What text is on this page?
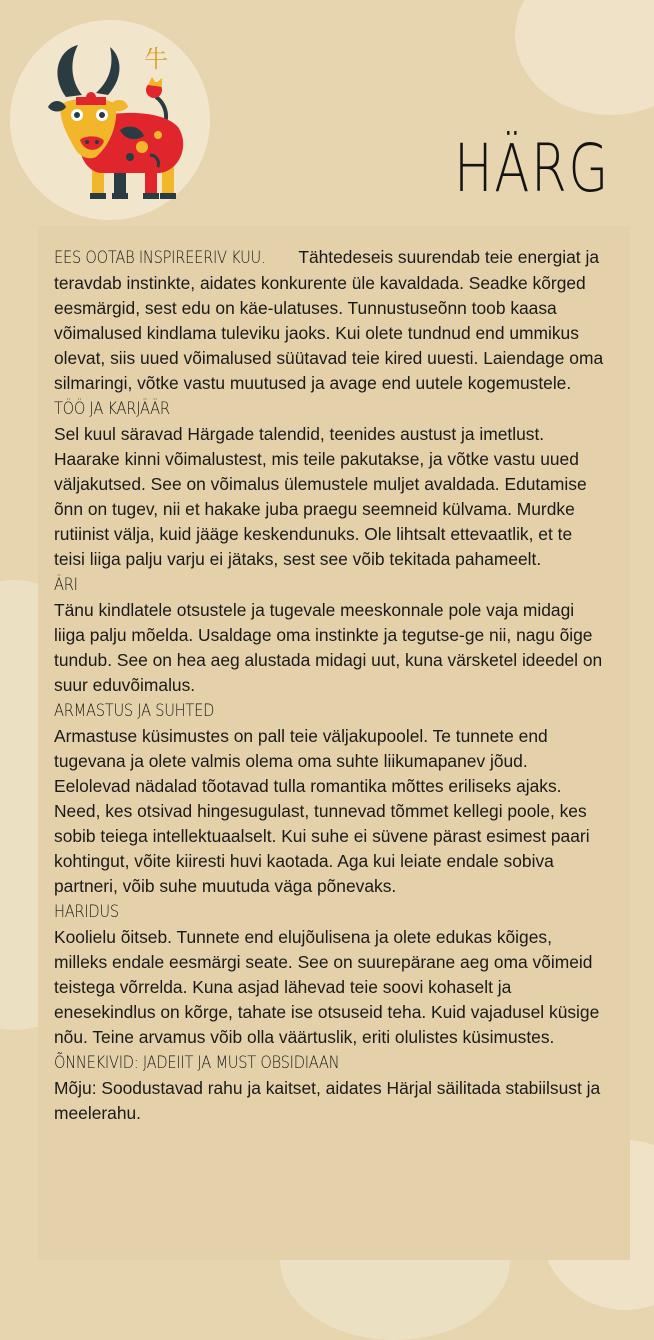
牛
HÄRG

EES OOTAB INSPIREERIV KUU. Tähtedeseis suurendab teie energiat ja teravdab instinkte, aidates konkurente üle kavaldada. Seadke kõrged eesmärgid, sest edu on käe-ulatuses. Tunnustuseõnn toob kaasa võimalused kindlama tuleviku jaoks. Kui olete tundnud end ummikus olevat, siis uued võimalused süütavad teie kired uuesti. Laiendage oma silmaringi, võtke vastu muutused ja avage end uutele kogemustele.

TÖÖ JA KARJÄÄR

Sel kuul säravad Härgade talendid, teenides austust ja imetlust. Haarake kinni võimalustest, mis teile pakutakse, ja võtke vastu uued väljakutsed. See on võimalus ülemustele muljet avaldada. Edutamise õnn on tugev, nii et hakake juba praegu seemneid külvama. Murdke rutiinist välja, kuid jääge keskendunuks. Ole lihtsalt ettevaatlik, et te teisi liiga palju varju ei jätaks, sest see võib tekitada pahameelt.

ÄRI

Tänu kindlatele otsustele ja tugevale meeskonnale pole vaja midagi liiga palju mõelda. Usaldage oma instinkte ja tegutse-ge nii, nagu õige tundub. See on hea aeg alustada midagi uut, kuna värsketel ideedel on suur eduvõimalus.

ARMASTUS JA SUHTED

Armastuse küsimustes on pall teie väljakupoolel. Te tunnete end tugevana ja olete valmis olema oma suhte liikumapanev jõud. Eelolevad nädalad tõotavad tulla romantika mõttes eriliseks ajaks. Need, kes otsivad hingesugulast, tunnevad tõmmet kellegi poole, kes sobib teiega intellektuaalselt. Kui suhe ei süvene pärast esimest paari kohtingut, võite kiiresti huvi kaotada. Aga kui leiate endale sobiva partneri, võib suhe muutuda väga põnevaks.

HARIDUS

Koolielu õitseb. Tunnete end elujõulisena ja olete edukas kõiges, milleks endale eesmärgi seate. See on suurepärane aeg oma võimeid teistega võrrelda. Kuna asjad lähevad teie soovi kohaselt ja enesekindlus on kõrge, tahate ise otsuseid teha. Kuid vajadusel küsige nõu. Teine arvamus võib olla väärtuslik, eriti olulistes küsimustes.

ÕNNEKIVID: JADEIIT JA MUST OBSIDIAAN

Mõju: Soodustavad rahu ja kaitset, aidates Härjal säilitada stabiilsust ja meelerahu.
